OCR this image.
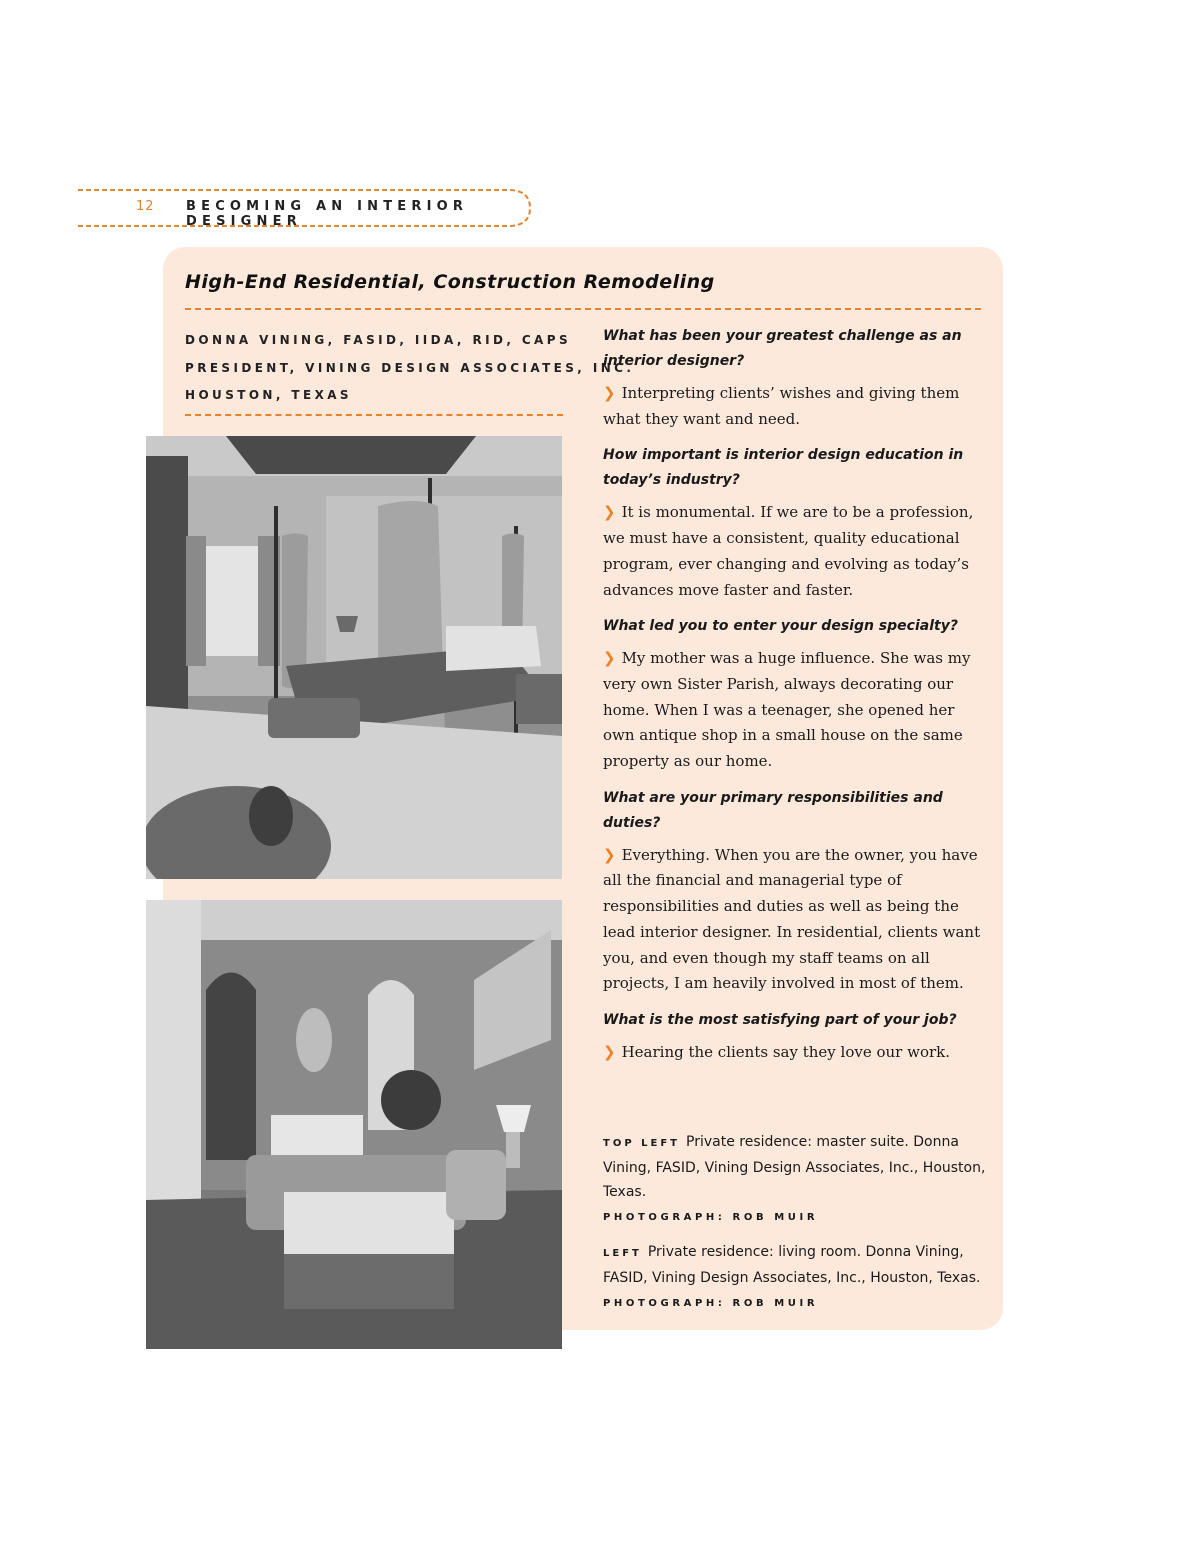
12 BECOMING AN INTERIOR DESIGNER
High-End Residential, Construction Remodeling
DONNA VINING, FASID, IIDA, RID, CAPS
PRESIDENT, VINING DESIGN ASSOCIATES, INC.
HOUSTON, TEXAS

What has been your greatest challenge as an interior designer?

❯ Interpreting clients’ wishes and giving them what they want and need.

How important is interior design education in today’s industry?

❯ It is monumental. If we are to be a profession, we must have a consistent, quality educational program, ever changing and evolving as today’s advances move faster and faster.

What led you to enter your design specialty?

❯ My mother was a huge influence. She was my very own Sister Parish, always decorating our home. When I was a teenager, she opened her own antique shop in a small house on the same property as our home.

What are your primary responsibilities and duties?

❯ Everything. When you are the owner, you have all the financial and managerial type of responsibilities and duties as well as being the lead interior designer. In residential, clients want you, and even though my staff teams on all projects, I am heavily involved in most of them.

What is the most satisfying part of your job?

❯ Hearing the clients say they love our work.

TOP LEFT Private residence: master suite. Donna Vining, FASID, Vining Design Associates, Inc., Houston, Texas.
PHOTOGRAPH: ROB MUIR
LEFT Private residence: living room. Donna Vining, FASID, Vining Design Associates, Inc., Houston, Texas.
PHOTOGRAPH: ROB MUIR
